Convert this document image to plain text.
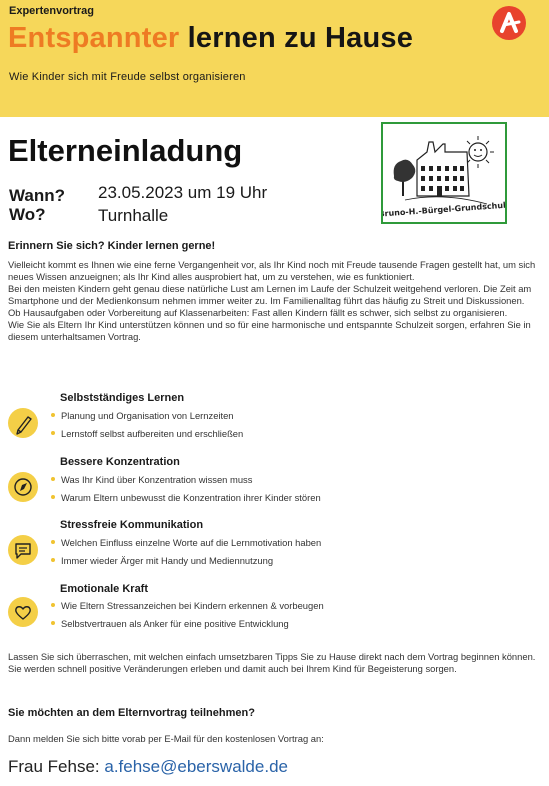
Expertenvortrag
Entspannter lernen zu Hause
Wie Kinder sich mit Freude selbst organisieren
Bruno-H.-Bürgel-Grundschule
Elterneinladung
Wann?
Wo?
23.05.2023 um 19 Uhr
Turnhalle
Erinnern Sie sich? Kinder lernen gerne!

Vielleicht kommt es Ihnen wie eine ferne Vergangenheit vor, als Ihr Kind noch mit Freude tausende Fragen gestellt hat, um sich neues Wissen anzueignen; als Ihr Kind alles ausprobiert hat, um zu verstehen, wie es funktioniert.

Bei den meisten Kindern geht genau diese natürliche Lust am Lernen im Laufe der Schulzeit weitgehend verloren. Die Zeit am Smartphone und der Medienkonsum nehmen immer weiter zu. Im Familienalltag führt das häufig zu Streit und Diskussionen. Ob Hausaufgaben oder Vorbereitung auf Klassenarbeiten: Fast allen Kindern fällt es schwer, sich selbst zu organisieren.

Wie Sie als Eltern Ihr Kind unterstützen können und so für eine harmonische und entspannte Schulzeit sorgen, erfahren Sie in diesem unterhaltsamen Vortrag.

Selbstständiges Lernen
Planung und Organisation von Lernzeiten
Lernstoff selbst aufbereiten und erschließen
Bessere Konzentration
Was Ihr Kind über Konzentration wissen muss
Warum Eltern unbewusst die Konzentration ihrer Kinder stören
Stressfreie Kommunikation
Welchen Einfluss einzelne Worte auf die Lernmotivation haben
Immer wieder Ärger mit Handy und Mediennutzung
Emotionale Kraft
Wie Eltern Stressanzeichen bei Kindern erkennen & vorbeugen
Selbstvertrauen als Anker für eine positive Entwicklung
Lassen Sie sich überraschen, mit welchen einfach umsetzbaren Tipps Sie zu Hause direkt nach dem Vortrag beginnen können. Sie werden schnell positive Veränderungen erleben und damit auch bei Ihrem Kind für Begeisterung sorgen.
Sie möchten an dem Elternvortrag teilnehmen?
Dann melden Sie sich bitte vorab per E-Mail für den kostenlosen Vortrag an:
Frau Fehse: a.fehse@eberswalde.de
